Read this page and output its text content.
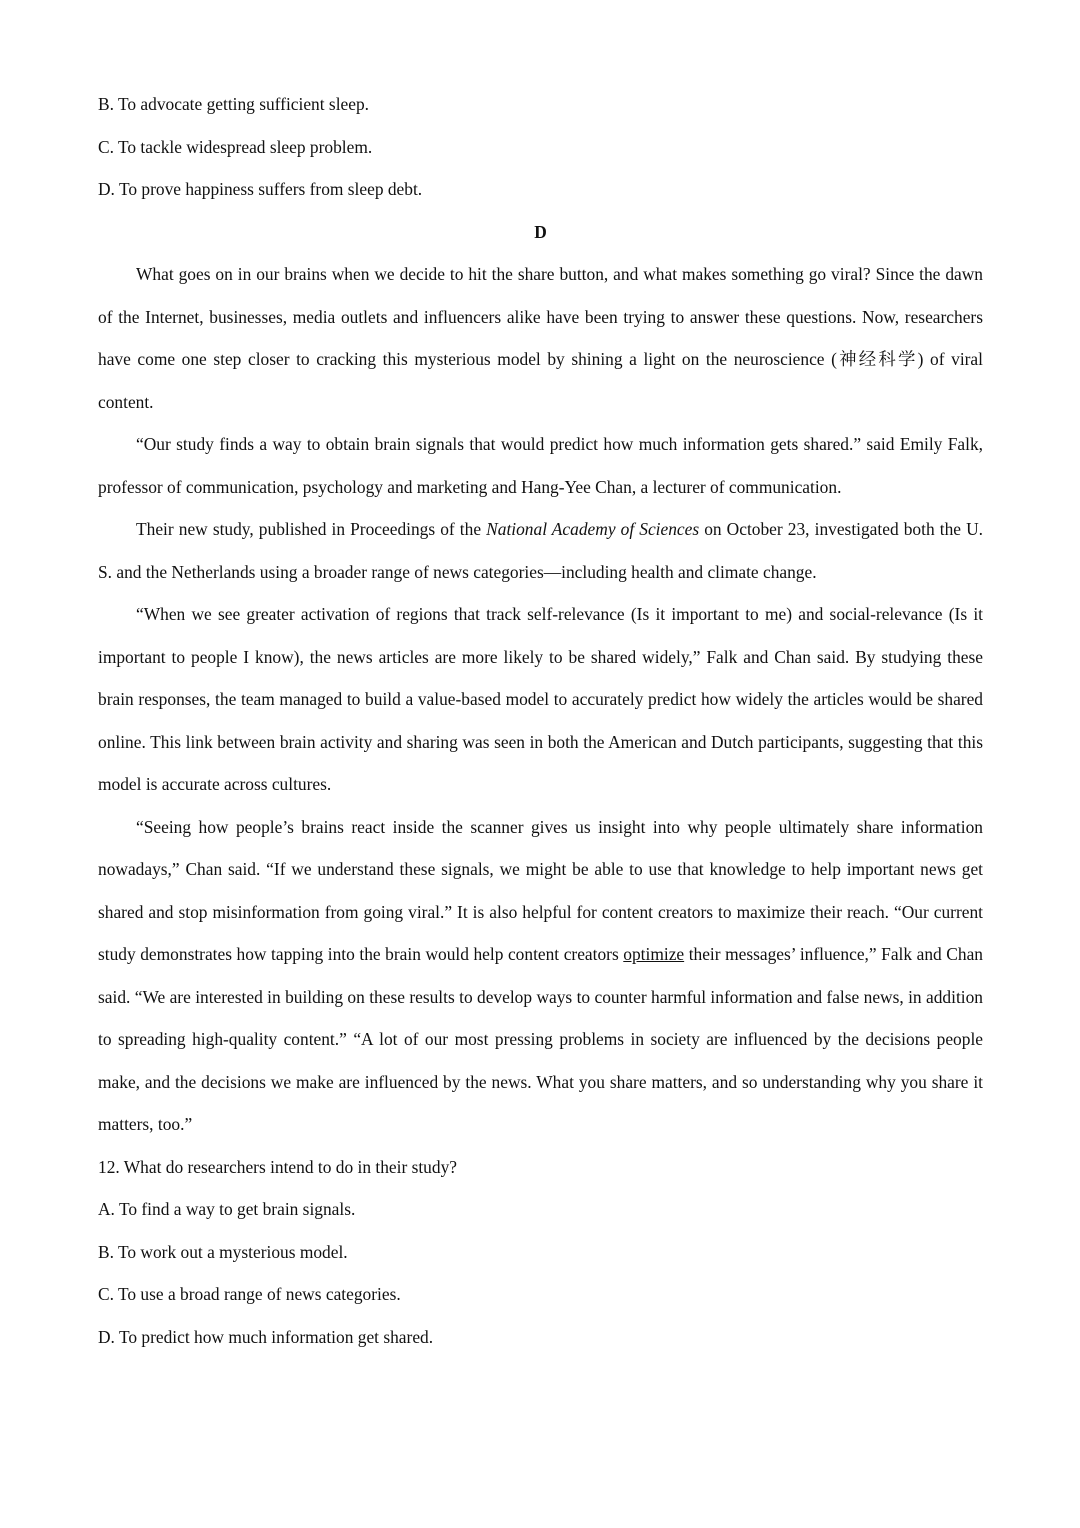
B. To advocate getting sufficient sleep.
C. To tackle widespread sleep problem.
D. To prove happiness suffers from sleep debt.

D

What goes on in our brains when we decide to hit the share button, and what makes something go viral? Since the dawn of the Internet, businesses, media outlets and influencers alike have been trying to answer these questions. Now, researchers have come one step closer to cracking this mysterious model by shining a light on the neuroscience (神经科学) of viral content.

“Our study finds a way to obtain brain signals that would predict how much information gets shared.” said Emily Falk, professor of communication, psychology and marketing and Hang-Yee Chan, a lecturer of communication.

Their new study, published in Proceedings of the National Academy of Sciences on October 23, investigated both the U. S. and the Netherlands using a broader range of news categories—including health and climate change.

“When we see greater activation of regions that track self-relevance (Is it important to me) and social-relevance (Is it important to people I know), the news articles are more likely to be shared widely,” Falk and Chan said. By studying these brain responses, the team managed to build a value-based model to accurately predict how widely the articles would be shared online. This link between brain activity and sharing was seen in both the American and Dutch participants, suggesting that this model is accurate across cultures.

“Seeing how people’s brains react inside the scanner gives us insight into why people ultimately share information nowadays,” Chan said. “If we understand these signals, we might be able to use that knowledge to help important news get shared and stop misinformation from going viral.” It is also helpful for content creators to maximize their reach. “Our current study demonstrates how tapping into the brain would help content creators optimize their messages’ influence,” Falk and Chan said. “We are interested in building on these results to develop ways to counter harmful information and false news, in addition to spreading high-quality content.” “A lot of our most pressing problems in society are influenced by the decisions people make, and the decisions we make are influenced by the news. What you share matters, and so understanding why you share it matters, too.”

12. What do researchers intend to do in their study?
A. To find a way to get brain signals.
B. To work out a mysterious model.
C. To use a broad range of news categories.
D. To predict how much information get shared.
